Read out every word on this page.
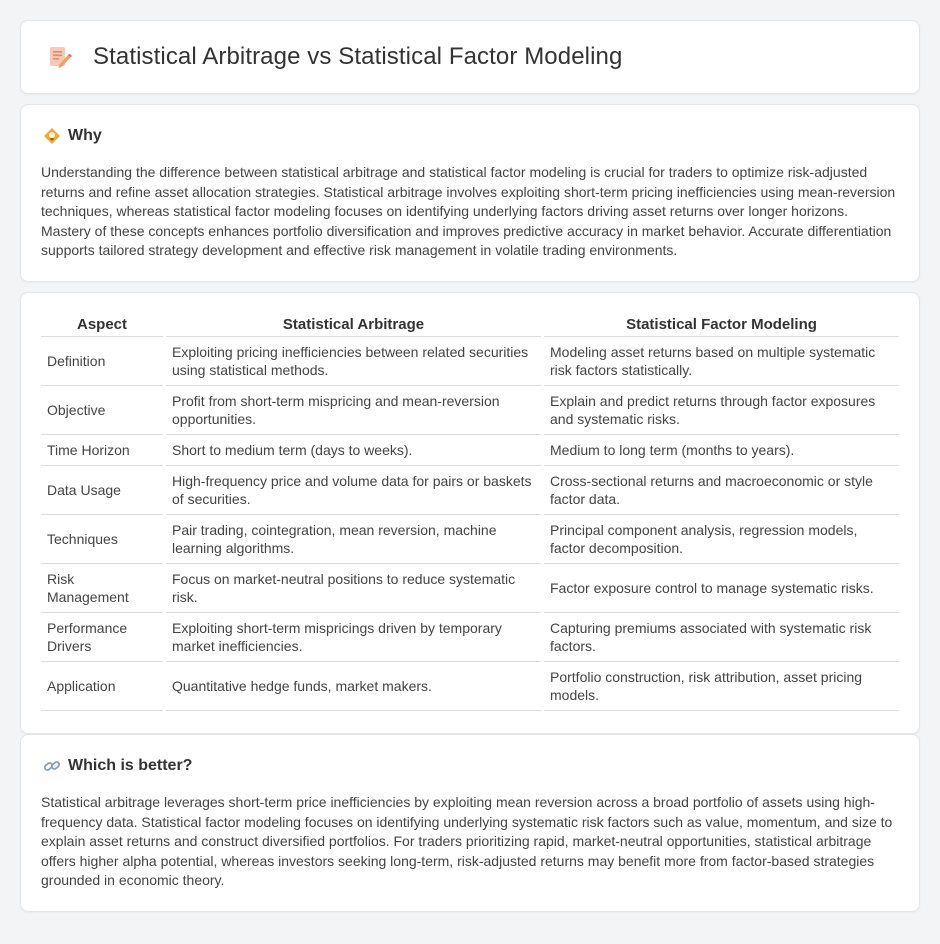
Statistical Arbitrage vs Statistical Factor Modeling
Why

Understanding the difference between statistical arbitrage and statistical factor modeling is crucial for traders to optimize risk-adjusted returns and refine asset allocation strategies. Statistical arbitrage involves exploiting short-term pricing inefficiencies using mean-reversion techniques, whereas statistical factor modeling focuses on identifying underlying factors driving asset returns over longer horizons. Mastery of these concepts enhances portfolio diversification and improves predictive accuracy in market behavior. Accurate differentiation supports tailored strategy development and effective risk management in volatile trading environments.

Aspect	Statistical Arbitrage	Statistical Factor Modeling
Definition	Exploiting pricing inefficiencies between related securities using statistical methods.	Modeling asset returns based on multiple systematic risk factors statistically.
Objective	Profit from short-term mispricing and mean-reversion opportunities.	Explain and predict returns through factor exposures and systematic risks.
Time Horizon	Short to medium term (days to weeks).	Medium to long term (months to years).
Data Usage	High-frequency price and volume data for pairs or baskets of securities.	Cross-sectional returns and macroeconomic or style factor data.
Techniques	Pair trading, cointegration, mean reversion, machine learning algorithms.	Principal component analysis, regression models, factor decomposition.
Risk Management	Focus on market-neutral positions to reduce systematic risk.	Factor exposure control to manage systematic risks.
Performance Drivers	Exploiting short-term mispricings driven by temporary market inefficiencies.	Capturing premiums associated with systematic risk factors.
Application	Quantitative hedge funds, market makers.	Portfolio construction, risk attribution, asset pricing models.
Which is better?

Statistical arbitrage leverages short-term price inefficiencies by exploiting mean reversion across a broad portfolio of assets using high-frequency data. Statistical factor modeling focuses on identifying underlying systematic risk factors such as value, momentum, and size to explain asset returns and construct diversified portfolios. For traders prioritizing rapid, market-neutral opportunities, statistical arbitrage offers higher alpha potential, whereas investors seeking long-term, risk-adjusted returns may benefit more from factor-based strategies grounded in economic theory.
